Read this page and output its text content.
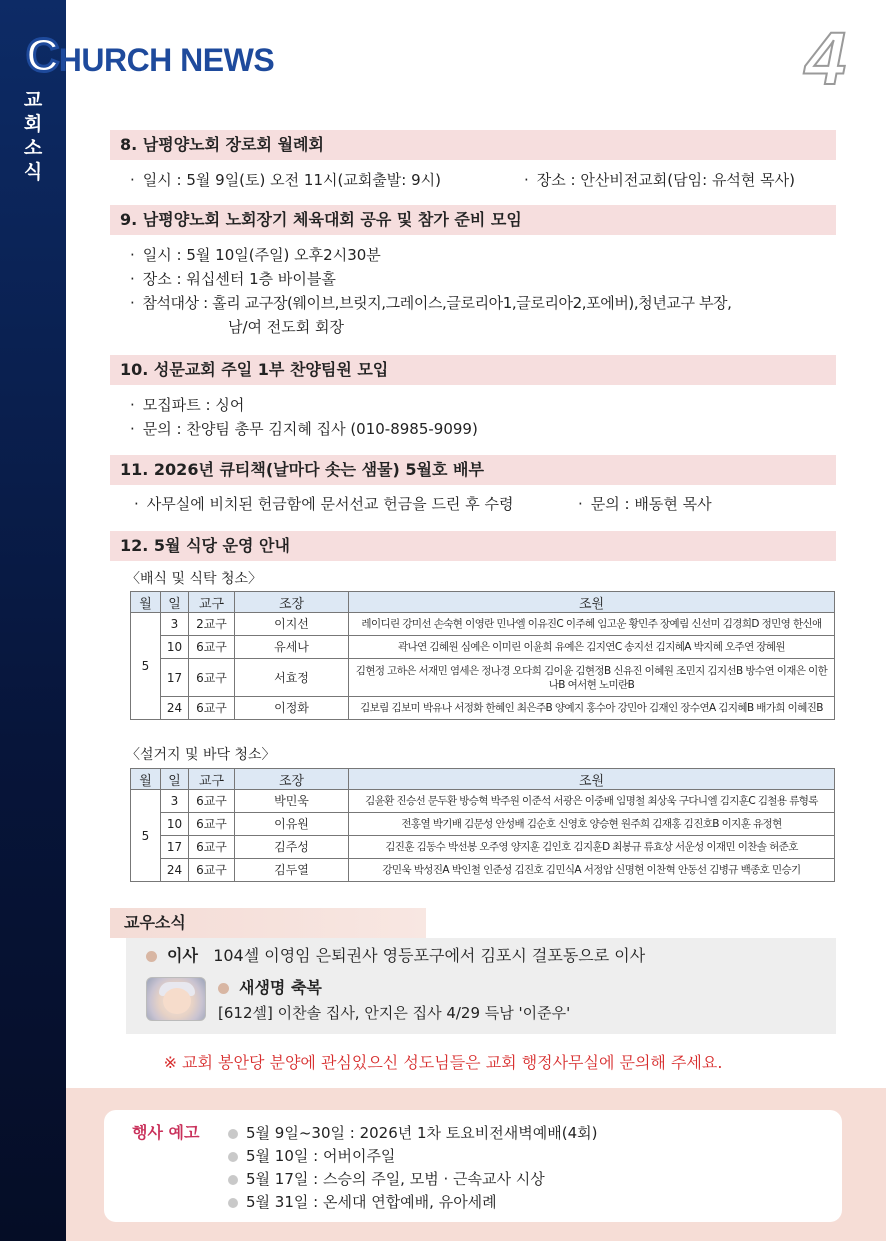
교
회
소
식
CHURCH NEWS	4
8. 남평양노회 장로회 월례회
· 일시 : 5월 9일(토) 오전 11시(교회출발: 9시)	· 장소 : 안산비전교회(담임: 유석현 목사)
9. 남평양노회 노회장기 체육대회 공유 및 참가 준비 모임
· 일시 : 5월 10일(주일) 오후2시30분
· 장소 : 워십센터 1층 바이블홀
· 참석대상 : 홀리 교구장(웨이브,브릿지,그레이스,글로리아1,글로리아2,포에버),청년교구 부장,
남/여 전도회 회장
10. 성문교회 주일 1부 찬양팀원 모입
· 모집파트 : 싱어
· 문의 : 찬양팀 총무 김지혜 집사 (010-8985-9099)
11. 2026년 큐티책(날마다 솟는 샘물) 5월호 배부
· 사무실에 비치된 헌금함에 문서선교 헌금을 드린 후 수령	· 문의 : 배동현 목사
12. 5월 식당 운영 안내
〈배식 및 식탁 청소〉
월	일	교구	조장	조원
5	3	2교구	이지선	레이디린 강미선 손숙현 이영란 민나엘 이유진C 이주혜 임고운 황민주 장예림 신선미 김경희D 정민영 한신애
	10	6교구	유세나	곽나연 김혜원 심예은 이미린 이윤희 유예은 김지연C 송지선 김지혜A 박지혜 오주연 장혜원
	17	6교구	서효정	김현정 고하은 서재민 염세은 정나경 오다희 김이윤 김현정B 신유진 이혜원 조민지 김지선B 방수연 이재은 이한나B 여서현 노미란B
	24	6교구	이정화	김보림 김보미 박유나 서정화 한혜인 최은주B 양예지 홍수아 강민아 김재인 장수연A 김지혜B 배가희 이혜진B
〈설거지 및 바닥 청소〉
월	일	교구	조장	조원
5	3	6교구	박민욱	김윤환 진승선 문두환 방승혁 박주원 이준석 서광은 이중배 임명철 최상욱 구다니엘 김지훈C 김철용 류형록
	10	6교구	이유원	전홍열 박기배 김문성 안성배 김순호 신영호 양승현 원주희 김재홍 김진호B 이지훈 유정현
	17	6교구	김주성	김진훈 김동수 박선봉 오주영 양지훈 김인호 김지훈D 최봉규 류효상 서운성 이재민 이찬솔 허준호
	24	6교구	김두열	강민욱 박성진A 박인철 인준성 김진호 김민식A 서정암 신명현 이찬혁 안동선 김병규 백종호 민승기
교우소식
이사 104셀 이영임 은퇴권사 영등포구에서 김포시 걸포동으로 이사
새생명 축복
[612셀] 이찬솔 집사, 안지은 집사 4/29 득남 '이준우'
※ 교회 봉안당 분양에 관심있으신 성도님들은 교회 행정사무실에 문의해 주세요.
행사 예고	5월 9일~30일 : 2026년 1차 토요비전새벽예배(4회)
5월 10일 : 어버이주일
5월 17일 : 스승의 주일, 모범 · 근속교사 시상
5월 31일 : 온세대 연합예배, 유아세례
